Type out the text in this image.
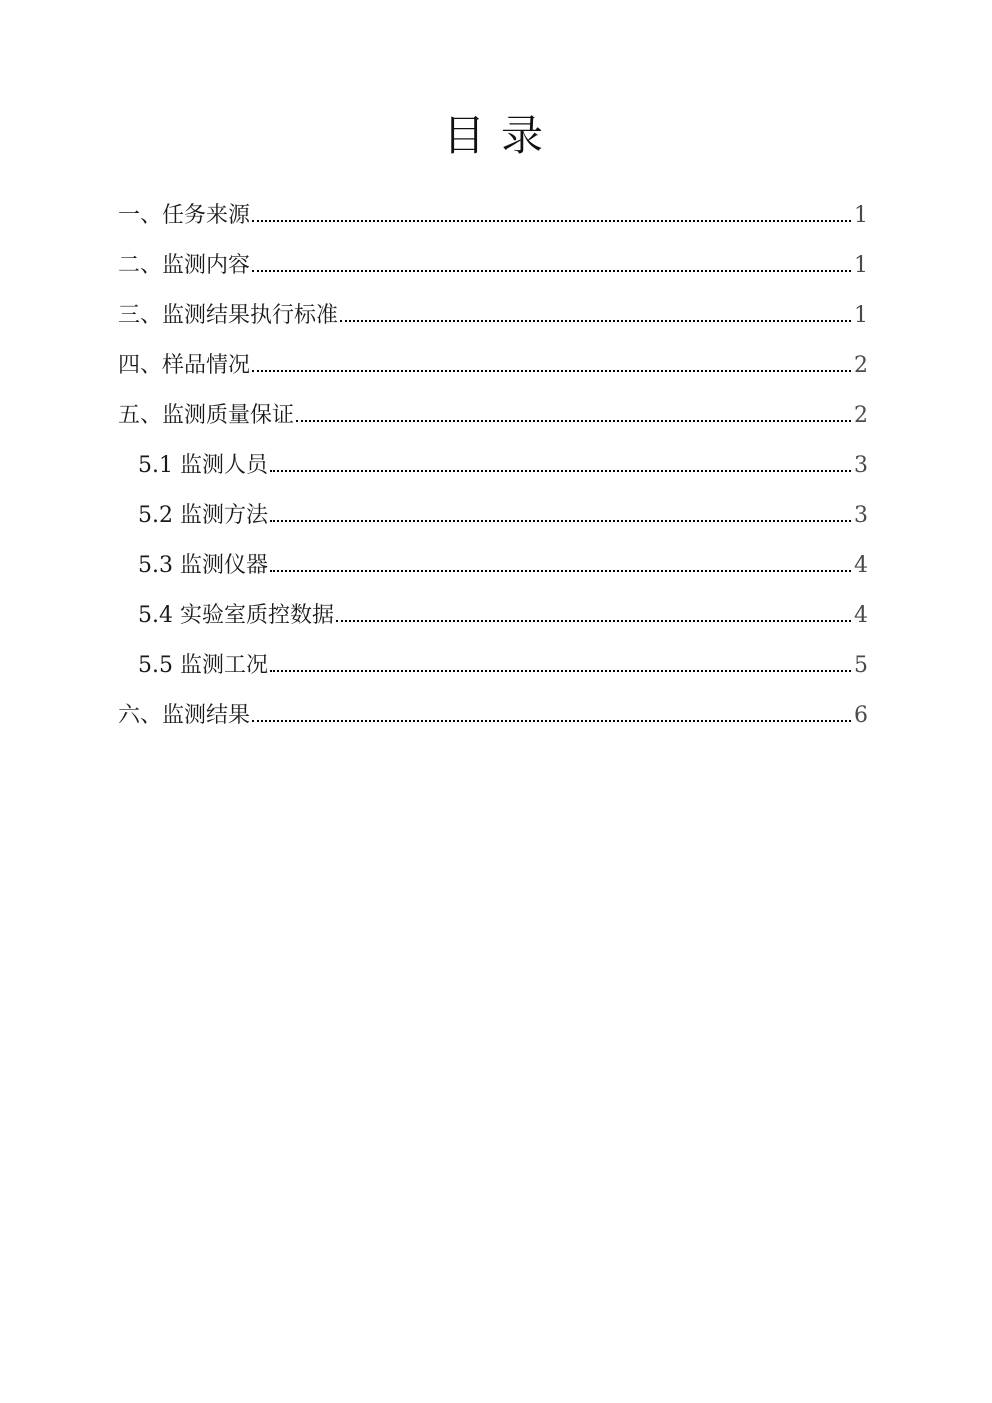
目录
一、任务来源	1
二、监测内容	1
三、监测结果执行标准	1
四、样品情况	2
五、监测质量保证	2
5.1 监测人员	3
5.2 监测方法	3
5.3 监测仪器	4
5.4 实验室质控数据	4
5.5 监测工况	5
六、监测结果	6
